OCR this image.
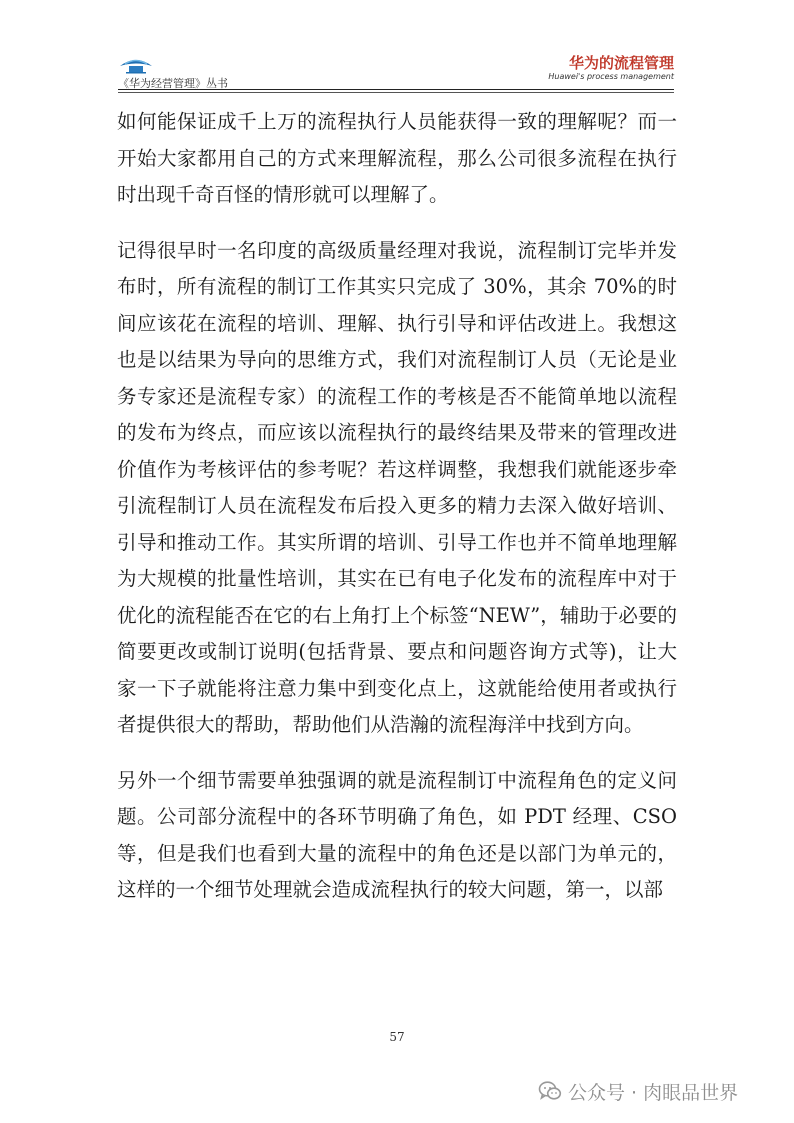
《华为经营管理》丛书
华为的流程管理
Huawei's process management

如何能保证成千上万的流程执行人员能获得一致的理解呢？而一开始大家都用自己的方式来理解流程，那么公司很多流程在执行时出现千奇百怪的情形就可以理解了。

记得很早时一名印度的高级质量经理对我说，流程制订完毕并发布时，所有流程的制订工作其实只完成了 30%，其余 70%的时间应该花在流程的培训、理解、执行引导和评估改进上。我想这也是以结果为导向的思维方式，我们对流程制订人员（无论是业务专家还是流程专家）的流程工作的考核是否不能简单地以流程的发布为终点，而应该以流程执行的最终结果及带来的管理改进价值作为考核评估的参考呢？若这样调整，我想我们就能逐步牵引流程制订人员在流程发布后投入更多的精力去深入做好培训、引导和推动工作。其实所谓的培训、引导工作也并不简单地理解为大规模的批量性培训，其实在已有电子化发布的流程库中对于优化的流程能否在它的右上角打上个标签“NEW”，辅助于必要的简要更改或制订说明(包括背景、要点和问题咨询方式等)，让大家一下子就能将注意力集中到变化点上，这就能给使用者或执行者提供很大的帮助，帮助他们从浩瀚的流程海洋中找到方向。

另外一个细节需要单独强调的就是流程制订中流程角色的定义问题。公司部分流程中的各环节明确了角色，如 PDT 经理、CSO 等，但是我们也看到大量的流程中的角色还是以部门为单元的，这样的一个细节处理就会造成流程执行的较大问题，第一，以部

57
公众号 · 肉眼品世界
